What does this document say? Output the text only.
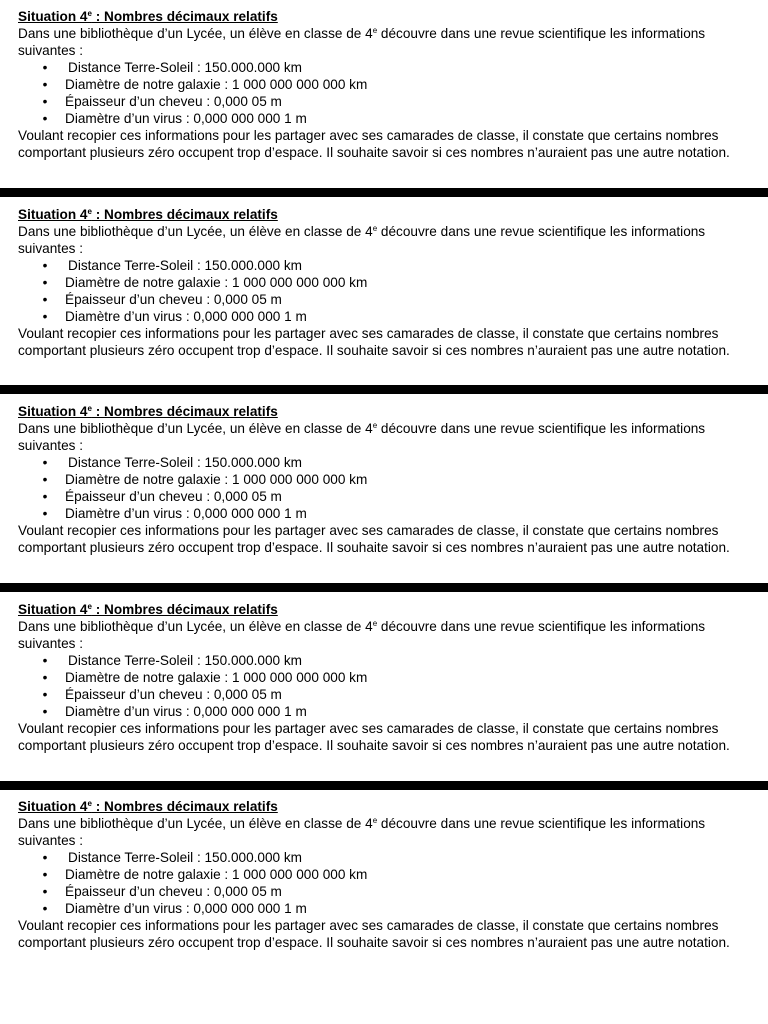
Situation 4e : Nombres décimaux relatifs

Dans une bibliothèque d’un Lycée, un élève en classe de 4e découvre dans une revue scientifique les informations suivantes :

• Distance Terre-Soleil : 150.000.000 km
• Diamètre de notre galaxie : 1 000 000 000 000 km
• Épaisseur d’un cheveu : 0,000 05 m
• Diamètre d’un virus : 0,000 000 000 1 m

Voulant recopier ces informations pour les partager avec ses camarades de classe, il constate que certains nombres comportant plusieurs zéro occupent trop d’espace. Il souhaite savoir si ces nombres n’auraient pas une autre notation.

Situation 4e : Nombres décimaux relatifs

Dans une bibliothèque d’un Lycée, un élève en classe de 4e découvre dans une revue scientifique les informations suivantes :

• Distance Terre-Soleil : 150.000.000 km
• Diamètre de notre galaxie : 1 000 000 000 000 km
• Épaisseur d’un cheveu : 0,000 05 m
• Diamètre d’un virus : 0,000 000 000 1 m

Voulant recopier ces informations pour les partager avec ses camarades de classe, il constate que certains nombres comportant plusieurs zéro occupent trop d’espace. Il souhaite savoir si ces nombres n’auraient pas une autre notation.

Situation 4e : Nombres décimaux relatifs

Dans une bibliothèque d’un Lycée, un élève en classe de 4e découvre dans une revue scientifique les informations suivantes :

• Distance Terre-Soleil : 150.000.000 km
• Diamètre de notre galaxie : 1 000 000 000 000 km
• Épaisseur d’un cheveu : 0,000 05 m
• Diamètre d’un virus : 0,000 000 000 1 m

Voulant recopier ces informations pour les partager avec ses camarades de classe, il constate que certains nombres comportant plusieurs zéro occupent trop d’espace. Il souhaite savoir si ces nombres n’auraient pas une autre notation.

Situation 4e : Nombres décimaux relatifs

Dans une bibliothèque d’un Lycée, un élève en classe de 4e découvre dans une revue scientifique les informations suivantes :

• Distance Terre-Soleil : 150.000.000 km
• Diamètre de notre galaxie : 1 000 000 000 000 km
• Épaisseur d’un cheveu : 0,000 05 m
• Diamètre d’un virus : 0,000 000 000 1 m

Voulant recopier ces informations pour les partager avec ses camarades de classe, il constate que certains nombres comportant plusieurs zéro occupent trop d’espace. Il souhaite savoir si ces nombres n’auraient pas une autre notation.

Situation 4e : Nombres décimaux relatifs

Dans une bibliothèque d’un Lycée, un élève en classe de 4e découvre dans une revue scientifique les informations suivantes :

• Distance Terre-Soleil : 150.000.000 km
• Diamètre de notre galaxie : 1 000 000 000 000 km
• Épaisseur d’un cheveu : 0,000 05 m
• Diamètre d’un virus : 0,000 000 000 1 m

Voulant recopier ces informations pour les partager avec ses camarades de classe, il constate que certains nombres comportant plusieurs zéro occupent trop d’espace. Il souhaite savoir si ces nombres n’auraient pas une autre notation.
